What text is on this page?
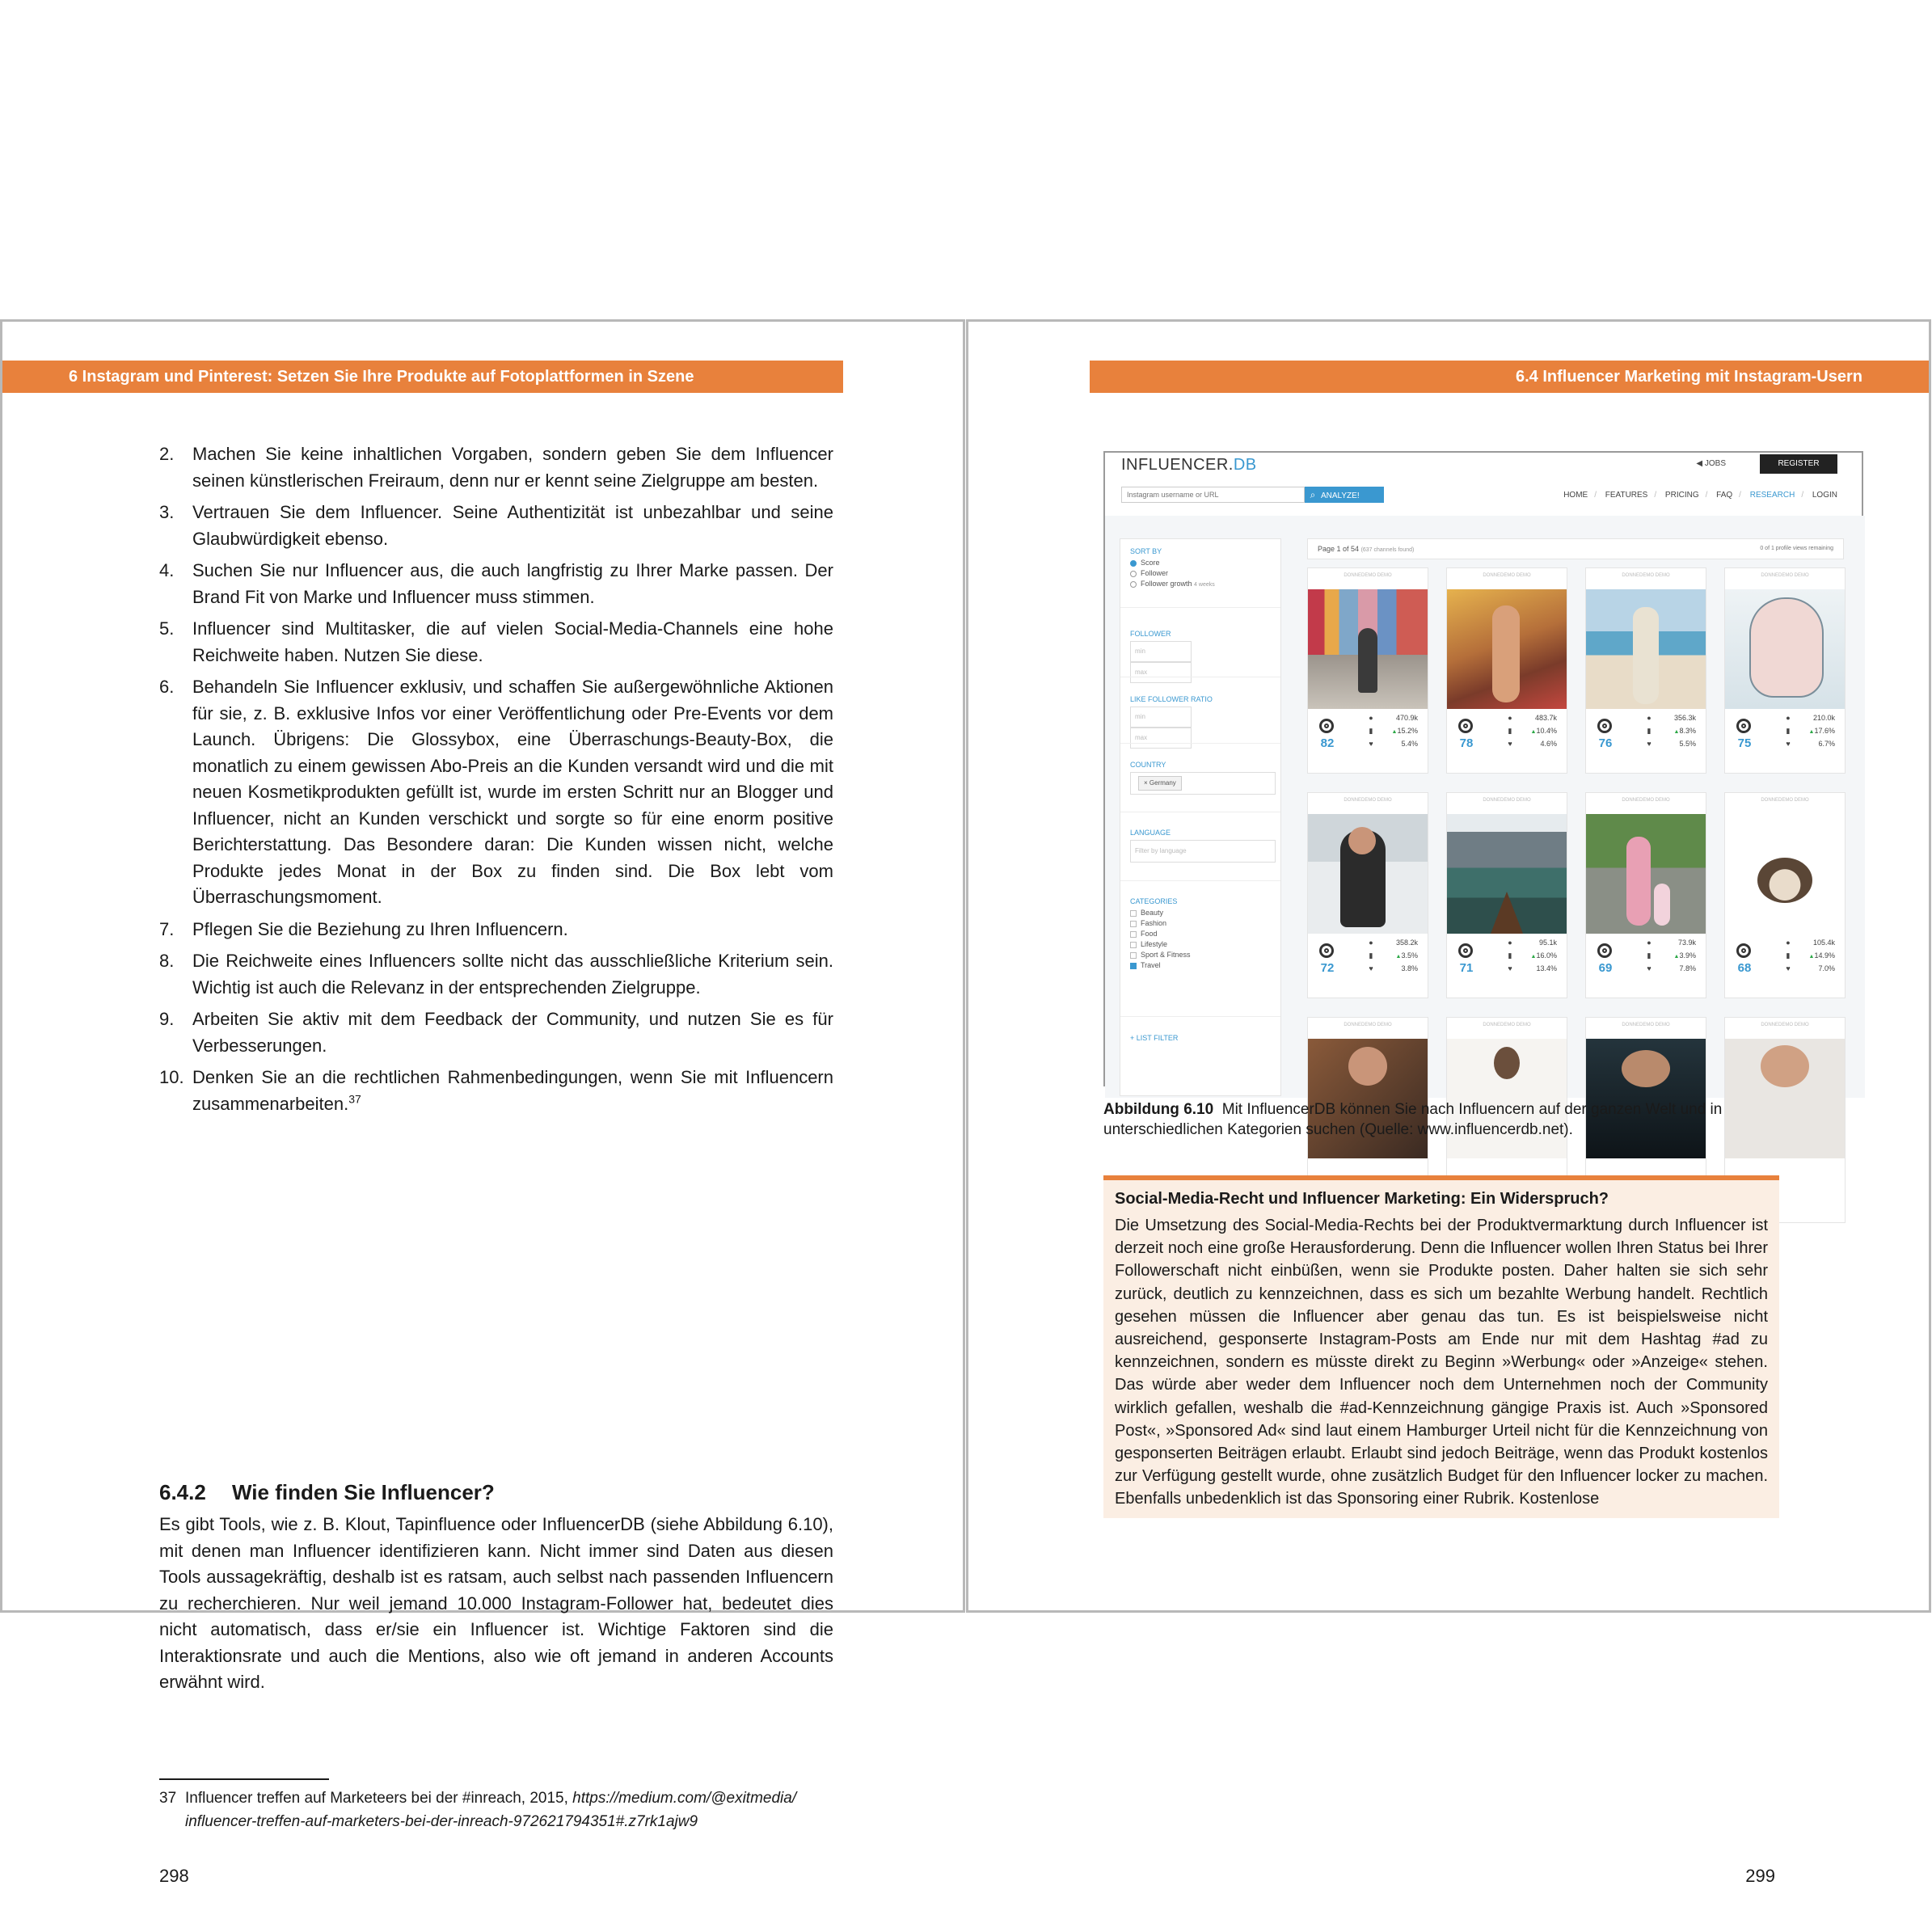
6 Instagram und Pinterest: Setzen Sie Ihre Produkte auf Fotoplattformen in Szene
2. Machen Sie keine inhaltlichen Vorgaben, sondern geben Sie dem Influencer seinen künstlerischen Freiraum, denn nur er kennt seine Zielgruppe am besten.
3. Vertrauen Sie dem Influencer. Seine Authentizität ist unbezahlbar und seine Glaubwürdigkeit ebenso.
4. Suchen Sie nur Influencer aus, die auch langfristig zu Ihrer Marke passen. Der Brand Fit von Marke und Influencer muss stimmen.
5. Influencer sind Multitasker, die auf vielen Social-Media-Channels eine hohe Reichweite haben. Nutzen Sie diese.
6. Behandeln Sie Influencer exklusiv, und schaffen Sie außergewöhnliche Aktionen für sie, z. B. exklusive Infos vor einer Veröffentlichung oder Pre-Events vor dem Launch. Übrigens: Die Glossybox, eine Überraschungs-Beauty-Box, die monatlich zu einem gewissen Abo-Preis an die Kunden versandt wird und die mit neuen Kosmetikprodukten gefüllt ist, wurde im ersten Schritt nur an Blogger und Influencer, nicht an Kunden verschickt und sorgte so für eine enorm positive Berichterstattung. Das Besondere daran: Die Kunden wissen nicht, welche Produkte jedes Monat in der Box zu finden sind. Die Box lebt vom Überraschungsmoment.
7. Pflegen Sie die Beziehung zu Ihren Influencern.
8. Die Reichweite eines Influencers sollte nicht das ausschließliche Kriterium sein. Wichtig ist auch die Relevanz in der entsprechenden Zielgruppe.
9. Arbeiten Sie aktiv mit dem Feedback der Community, und nutzen Sie es für Verbesserungen.
10. Denken Sie an die rechtlichen Rahmenbedingungen, wenn Sie mit Influencern zusammenarbeiten.$^{37}$
6.4.2 Wie finden Sie Influencer?
Es gibt Tools, wie z. B. Klout, Tapinfluence oder InfluencerDB (siehe Abbildung 6.10), mit denen man Influencer identifizieren kann. Nicht immer sind Daten aus diesen Tools aussagekräftig, deshalb ist es ratsam, auch selbst nach passenden Influencern zu recherchieren. Nur weil jemand 10.000 Instagram-Follower hat, bedeutet dies nicht automatisch, dass er/sie ein Influencer ist. Wichtige Faktoren sind die Interaktionsrate und auch die Mentions, also wie oft jemand in anderen Accounts erwähnt wird.
37 Influencer treffen auf Marketeers bei der #inreach, 2015, https://medium.com/@exitmedia/
influencer-treffen-auf-marketers-bei-der-inreach-972621794351#.z7rk1ajw9
298
6.4 Influencer Marketing mit Instagram-Usern
INFLUENCER.DB	◀ JOBS	REGISTER
Instagram username or URL
⌕ ANALYZE!	HOME / FEATURES / PRICING / FAQ / RESEARCH / LOGIN
SORT BY
Score
Follower
Follower growth 4 weeks
FOLLOWER
minmax
LIKE FOLLOWER RATIO
minmax
COUNTRY
× Germany
LANGUAGE
Filter by language
CATEGORIES
Beauty
Fashion
Food
Lifestyle
Sport & Fitness
Travel
+ LIST FILTER
Page 1 of 54 (637 channels found)	0 of 1 profile views remaining
DONNEDEMO DEMO
82
●	470.9k
▮	▲15.2%
♥	5.4%
DONNEDEMO DEMO
78
●	483.7k
▮	▲10.4%
♥	4.6%
DONNEDEMO DEMO
76
●	356.3k
▮	▲8.3%
♥	5.5%
DONNEDEMO DEMO
75
●	210.0k
▮	▲17.6%
♥	6.7%
DONNEDEMO DEMO
72
●	358.2k
▮	▲3.5%
♥	3.8%
DONNEDEMO DEMO
71
●	95.1k
▮	▲16.0%
♥	13.4%
DONNEDEMO DEMO
69
●	73.9k
▮	▲3.9%
♥	7.8%
DONNEDEMO DEMO
68
●	105.4k
▮	▲14.9%
♥	7.0%
DONNEDEMO DEMO	DONNEDEMO DEMO	DONNEDEMO DEMO	DONNEDEMO DEMO
Abbildung 6.10 Mit InfluencerDB können Sie nach Influencern auf der ganzen Welt und in unterschiedlichen Kategorien suchen (Quelle: www.influencerdb.net).
Social-Media-Recht und Influencer Marketing: Ein Widerspruch?
Die Umsetzung des Social-Media-Rechts bei der Produktvermarktung durch Influencer ist derzeit noch eine große Herausforderung. Denn die Influencer wollen Ihren Status bei Ihrer Followerschaft nicht einbüßen, wenn sie Produkte posten. Daher halten sie sich sehr zurück, deutlich zu kennzeichnen, dass es sich um bezahlte Werbung handelt. Rechtlich gesehen müssen die Influencer aber genau das tun. Es ist beispielsweise nicht ausreichend, gesponserte Instagram-Posts am Ende nur mit dem Hashtag #ad zu kennzeichnen, sondern es müsste direkt zu Beginn »Werbung« oder »Anzeige« stehen. Das würde aber weder dem Influencer noch dem Unternehmen noch der Community wirklich gefallen, weshalb die #ad-Kennzeichnung gängige Praxis ist. Auch »Sponsored Post«, »Sponsored Ad« sind laut einem Hamburger Urteil nicht für die Kennzeichnung von gesponserten Beiträgen erlaubt. Erlaubt sind jedoch Beiträge, wenn das Produkt kostenlos zur Verfügung gestellt wurde, ohne zusätzlich Budget für den Influencer locker zu machen. Ebenfalls unbedenklich ist das Sponsoring einer Rubrik. Kostenlose
299
